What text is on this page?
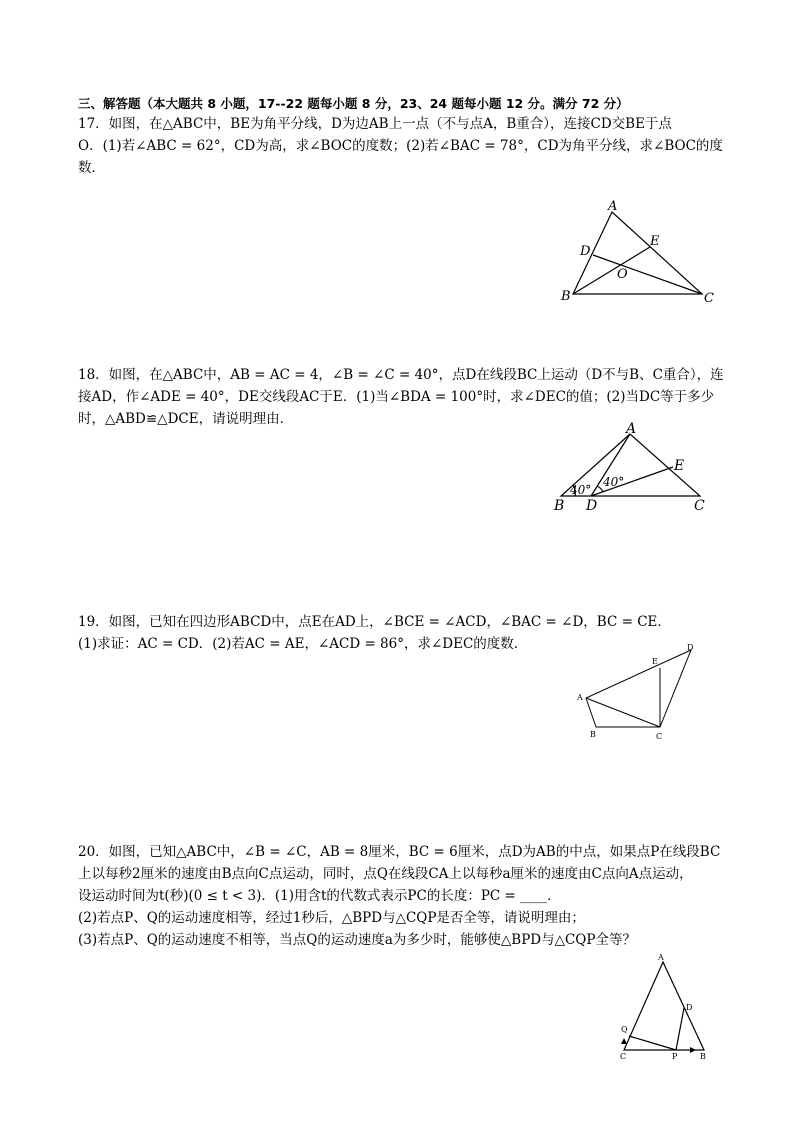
三、解答题（本大题共 8 小题，17--22 题每小题 8 分，23、24 题每小题 12 分。满分 72 分）

17．如图，在△ABC中，BE为角平分线，D为边AB上一点（不与点A，B重合），连接CD交BE于点

O．(1)若∠ABC = 62°，CD为高，求∠BOC的度数；(2)若∠BAC = 78°，CD为角平分线，求∠BOC的度

数．

A
B	C
D
E
O

18．如图，在△ABC中，AB = AC = 4，∠B = ∠C = 40°，点D在线段BC上运动（D不与B、C重合），连

接AD，作∠ADE = 40°，DE交线段AC于E．(1)当∠BDA = 100°时，求∠DEC的值；(2)当DC等于多少

时，△ABD≌△DCE，请说明理由．

A
B	C
D
E
40°
40°

19．如图，已知在四边形ABCD中，点E在AD上，∠BCE = ∠ACD，∠BAC = ∠D，BC = CE．

(1)求证：AC = CD．(2)若AC = AE，∠ACD = 86°，求∠DEC的度数．

A
B	C
D
E

20．如图，已知△ABC中，∠B = ∠C，AB = 8厘米，BC = 6厘米，点D为AB的中点，如果点P在线段BC

上以每秒2厘米的速度由B点向C点运动，同时，点Q在线段CA上以每秒a厘米的速度由C点向A点运动，

设运动时间为t(秒)(0 ≤ t < 3)．(1)用含t的代数式表示PC的长度：PC = ____．

(2)若点P、Q的运动速度相等，经过1秒后，△BPD与△CQP是否全等，请说明理由；

(3)若点P、Q的运动速度不相等，当点Q的运动速度a为多少时，能够使△BPD与△CQP全等？

A
B
C
D
P
Q
